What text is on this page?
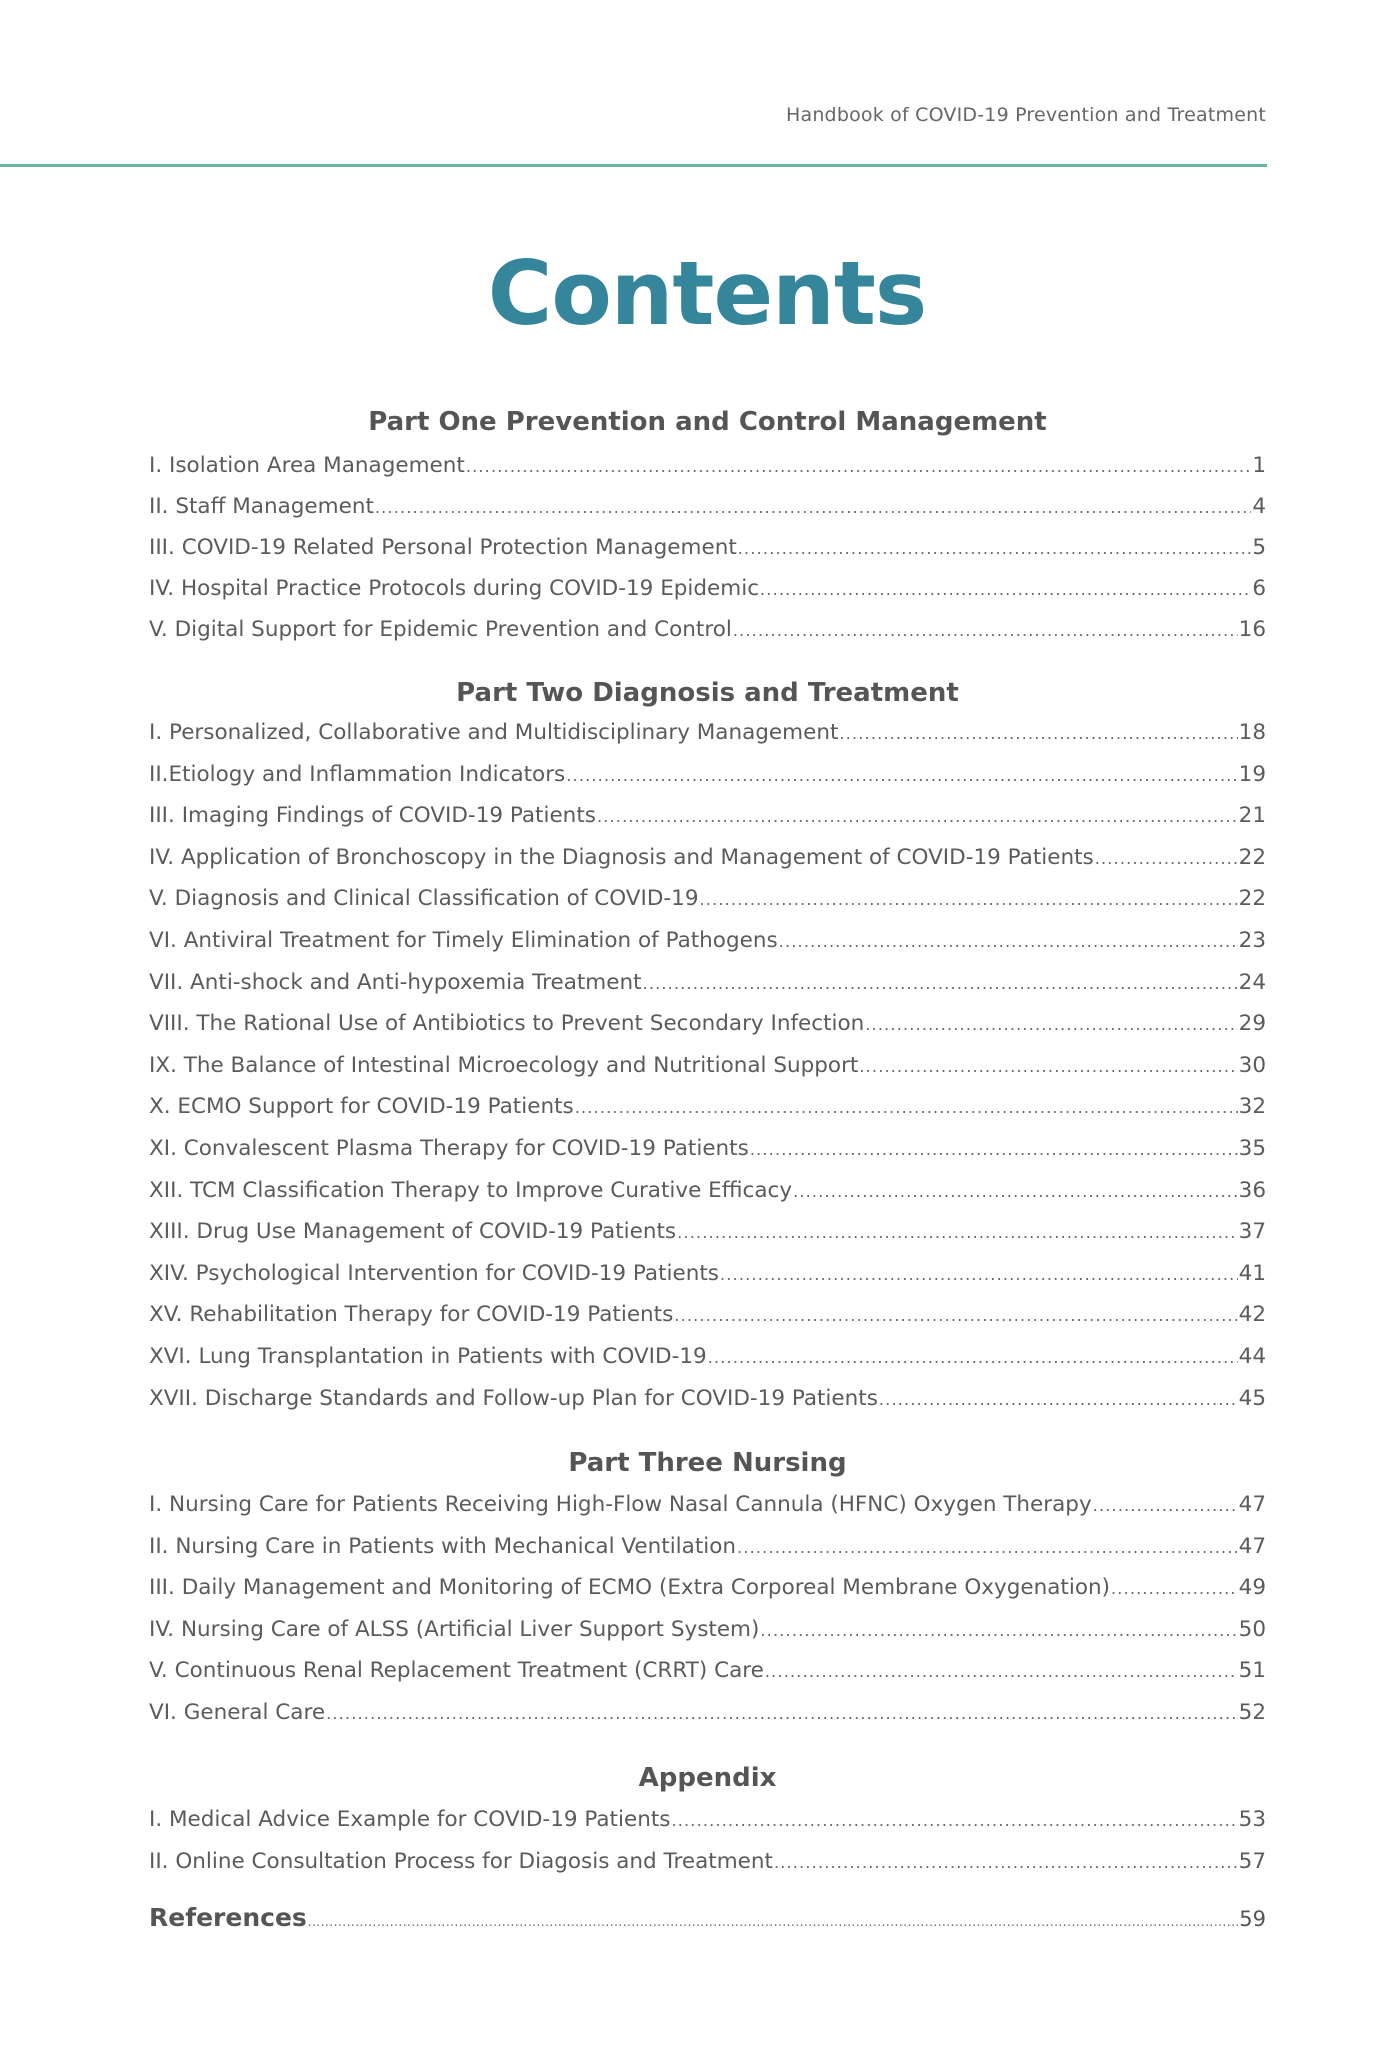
Handbook of COVID-19 Prevention and Treatment
Contents
Part One Prevention and Control Management
I. Isolation Area Management .....	1
II. Staff Management .....	4
III. COVID-19 Related Personal Protection Management .....	5
IV. Hospital Practice Protocols during COVID-19 Epidemic .....	6
V. Digital Support for Epidemic Prevention and Control .....	16
Part Two Diagnosis and Treatment
I. Personalized, Collaborative and Multidisciplinary Management .....	18
II.Etiology and Inflammation Indicators .....	19
III. Imaging Findings of COVID-19 Patients .....	21
IV. Application of Bronchoscopy in the Diagnosis and Management of COVID-19 Patients .....	22
V. Diagnosis and Clinical Classification of COVID-19 .....	22
VI. Antiviral Treatment for Timely Elimination of Pathogens .....	23
VII. Anti-shock and Anti-hypoxemia Treatment .....	24
VIII. The Rational Use of Antibiotics to Prevent Secondary Infection .....	29
IX. The Balance of Intestinal Microecology and Nutritional Support .....	30
X. ECMO Support for COVID-19 Patients .....	32
XI. Convalescent Plasma Therapy for COVID-19 Patients .....	35
XII. TCM Classification Therapy to Improve Curative Efficacy .....	36
XIII. Drug Use Management of COVID-19 Patients .....	37
XIV. Psychological Intervention for COVID-19 Patients .....	41
XV. Rehabilitation Therapy for COVID-19 Patients .....	42
XVI. Lung Transplantation in Patients with COVID-19 .....	44
XVII. Discharge Standards and Follow-up Plan for COVID-19 Patients .....	45
Part Three Nursing
I. Nursing Care for Patients Receiving High-Flow Nasal Cannula (HFNC) Oxygen Therapy .....	47
II. Nursing Care in Patients with Mechanical Ventilation .....	47
III. Daily Management and Monitoring of ECMO (Extra Corporeal Membrane Oxygenation) .....	49
IV. Nursing Care of ALSS (Artificial Liver Support System) .....	50
V. Continuous Renal Replacement Treatment (CRRT) Care .....	51
VI. General Care .....	52
Appendix
I. Medical Advice Example for COVID-19 Patients .....	53
II. Online Consultation Process for Diagosis and Treatment .....	57
References .....	59
